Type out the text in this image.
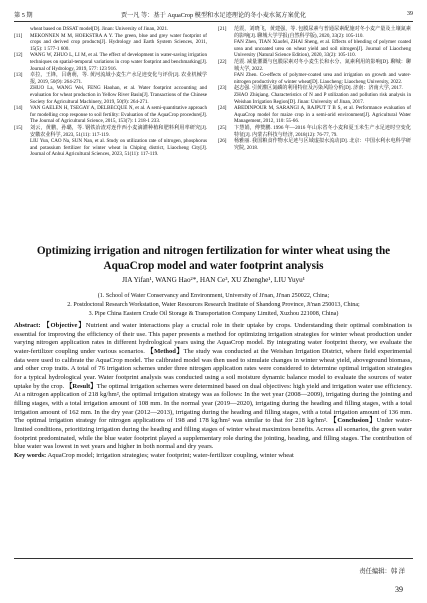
第 5 期	贾一凡 等：基于 AquaCrop 模型和水足迹理论的冬小麦水氮方案优化	39
wheat based on DSSAT model[D]. Jinan: University of Jinan, 2021.
[11]	MEKONNEN M M, HOEKSTRA A Y. The green, blue and grey water footprint of crops and derived crop products[J]. Hydrology and Earth System Sciences, 2011, 15(5): 1 577-1 600.
[12]	WANG W, ZHUO L, LI M, et al. The effect of development in water-saving irrigation techniques on spatial-temporal variations in crop water footprint and benchmarking[J]. Journal of Hydrology, 2019, 577: 123 916.
[13]	卓拉，王锋，吕萌萌，等. 黄河流域小麦生产水足迹变化与评价[J]. 农业机械学报, 2019, 50(9): 264-271.
ZHUO La, WANG Wei, FENG Haohan, et al. Water footprint accounting and evaluation for wheat production in Yellow River Basin[J]. Transactions of the Chinese Society for Agricultural Machinery, 2019, 50(9): 264-271.
[14]	VAN GAELEN H, TSEGAY A, DELBECQUE N, et al. A semi-quantitative approach for modelling crop response to soil fertility: Evaluation of the AquaCrop procedure[J]. The Journal of Agricultural Science, 2015, 153(7): 1 218-1 233.
[15]	刘云，黄鹏，孙璐，等. 钢铁冶渣对连作西小麦滴灌种植和肥料利用率研究[J]. 安徽农业科学, 2023, 51(11): 117-119.
LIU Yun, CAO Na, SUN Nan, et al. Study on utilization rate of nitrogen, phosphorus and potassium fertilizer for winter wheat in Chiping district, Liaocheng City[J]. Journal of Anhui Agricultural Sciences, 2023, 51(11): 117-119.
[21]	范震，刘晓飞，黄建强，等. 包膜尿素与普通尿素配施对冬小麦产量及土壤氮素的影响[J]. 聊城大学学报(自然科学版), 2020, 33(2): 105-110.
FAN Zhen, TIAN Xiaofei, ZHAI Sheng, et al. Effects of blending of polymer coated urea and uncoated urea on wheat yield and soil nitrogen[J]. Journal of Liaocheng University (Natural Science Edition), 2020, 33(2): 105-110.
[22]	范震. 减量灌溉与包膜尿素对冬小麦生长和水分、氮素利用的影响[D]. 聊城：聊城大学, 2022.
FAN Zhen. Co-effects of polymer-coated urea and irrigation on growth and water-nitrogen productivity of winter wheat[D]. Liaocheng: Liaocheng University, 2022.
[23]	赵志强. 引黄灌区氮磷的利用特征及污染风险分析[D]. 济南：济南大学, 2017.
ZHAO Zhiqiang. Characteristics of N and P utilization and pollution risk analysis in Weishan Irrigation Region[D]. Jinan: University of Jinan, 2017.
[24]	ABEDINPOUR M, SARANGI A, RAJPUT T B S, et al. Performance evaluation of AquaCrop model for maize crop in a semi-arid environment[J]. Agricultural Water Management, 2012, 110: 55-66.
[25]	卞慧娟，傅赞鹏. 1996 年—2016 年山东省冬小麦和夏玉米生产水足迹时空变化特征[J]. 内蒙古科技与经济, 2018(12): 76-77, 79.
[26]	杨雅丽. 我国粮食作物水足迹与区域虚拟水流动[D]. 北京：中国水利水电科学研究院, 2018.
Optimizing irrigation and nitrogen fertilization for winter wheat using the AquaCrop model and water footprint analysis
JIA Yifan¹, WANG Hao²*, HAN Ce³, XU Zhenghe¹, LIU Yuyu¹
(1. School of Water Conservancy and Environment, University of Ji'nan, Ji'nan 250022, China;
2. Postdoctoral Research Workstation, Water Resources Research Institute of Shandong Province, Ji'nan 250013, China;
3. Pipe China Eastern Crude Oil Storage & Transportation Company Limited, Xuzhou 221008, China)
Abstract: 【Objective】Nutrient and water interactions play a crucial role in their uptake by crops. Understanding their optimal combination is essential for improving the efficiency of their use. This paper presents a method for optimizing irrigation strategies for winter wheat production under varying nitrogen application rates in different hydrological years using the AquaCrop model. By integrating water footprint theory, we evaluate the water-fertilizer coupling under various scenarios. 【Method】The study was conducted at the Weishan Irrigation District, where field experimental data were used to calibrate the AquaCrop model. The calibrated model was then used to simulate changes in winter wheat yield, aboveground biomass, and other crop traits. A total of 76 irrigation schemes under three nitrogen application rates were considered to determine optimal irrigation strategies for a typical hydrological year. Water footprint analysis was conducted using a soil moisture dynamic balance model to evaluate the sources of water uptake by the crop. 【Result】The optimal irrigation schemes were determined based on dual objectives: high yield and irrigation water use efficiency. At a nitrogen application of 218 kg/hm², the optimal irrigation strategy was as follows: In the wet year (2008—2009), irrigating during the jointing and filling stages, with a total irrigation amount of 108 mm. In the normal year (2019—2020), irrigating during the heading and filling stages, with a total irrigation amount of 162 mm. In the dry year (2012—2013), irrigating during the heading and filling stages, with a total irrigation amount of 136 mm. The optimal irrigation strategy for nitrogen applications of 198 and 178 kg/hm² was similar to that for 218 kg/hm². 【Conclusion】Under water-limited conditions, prioritizing irrigation during the heading and filling stages of winter wheat maximizes benefits. Across all scenarios, the green water footprint predominated, while the blue water footprint played a supplementary role during the jointing, heading, and filling stages. The contribution of blue water was lowest in wet years and higher in both normal and dry years.
Key words: AquaCrop model; irrigation strategies; water footprint; water-fertilizer coupling, winter wheat
责任编辑：韩 洋
39
